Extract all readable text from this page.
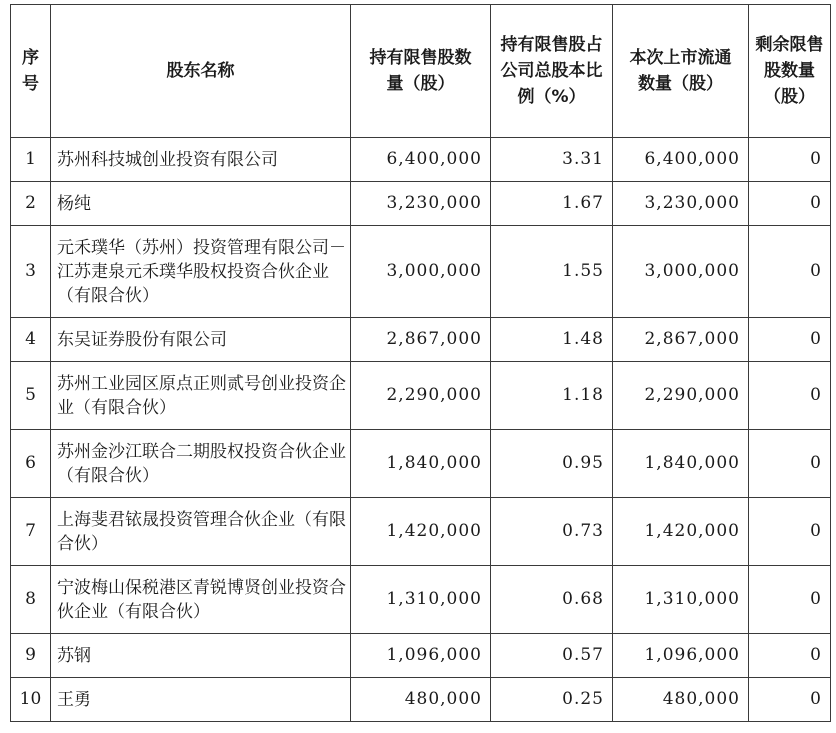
序号	股东名称	持有限售股数量（股）	持有限售股占公司总股本比例（%）	本次上市流通数量（股）	剩余限售股数量（股）

1	苏州科技城创业投资有限公司	6,400,000	3.31	6,400,000	0
2	杨纯	3,230,000	1.67	3,230,000	0
3	元禾璞华（苏州）投资管理有限公司－江苏疌泉元禾璞华股权投资合伙企业（有限合伙）	3,000,000	1.55	3,000,000	0
4	东吴证券股份有限公司	2,867,000	1.48	2,867,000	0
5	苏州工业园区原点正则贰号创业投资企业（有限合伙）	2,290,000	1.18	2,290,000	0
6	苏州金沙江联合二期股权投资合伙企业（有限合伙）	1,840,000	0.95	1,840,000	0
7	上海斐君铱晟投资管理合伙企业（有限合伙）	1,420,000	0.73	1,420,000	0
8	宁波梅山保税港区青锐博贤创业投资合伙企业（有限合伙）	1,310,000	0.68	1,310,000	0
9	苏钢	1,096,000	0.57	1,096,000	0
10	王勇	480,000	0.25	480,000	0
